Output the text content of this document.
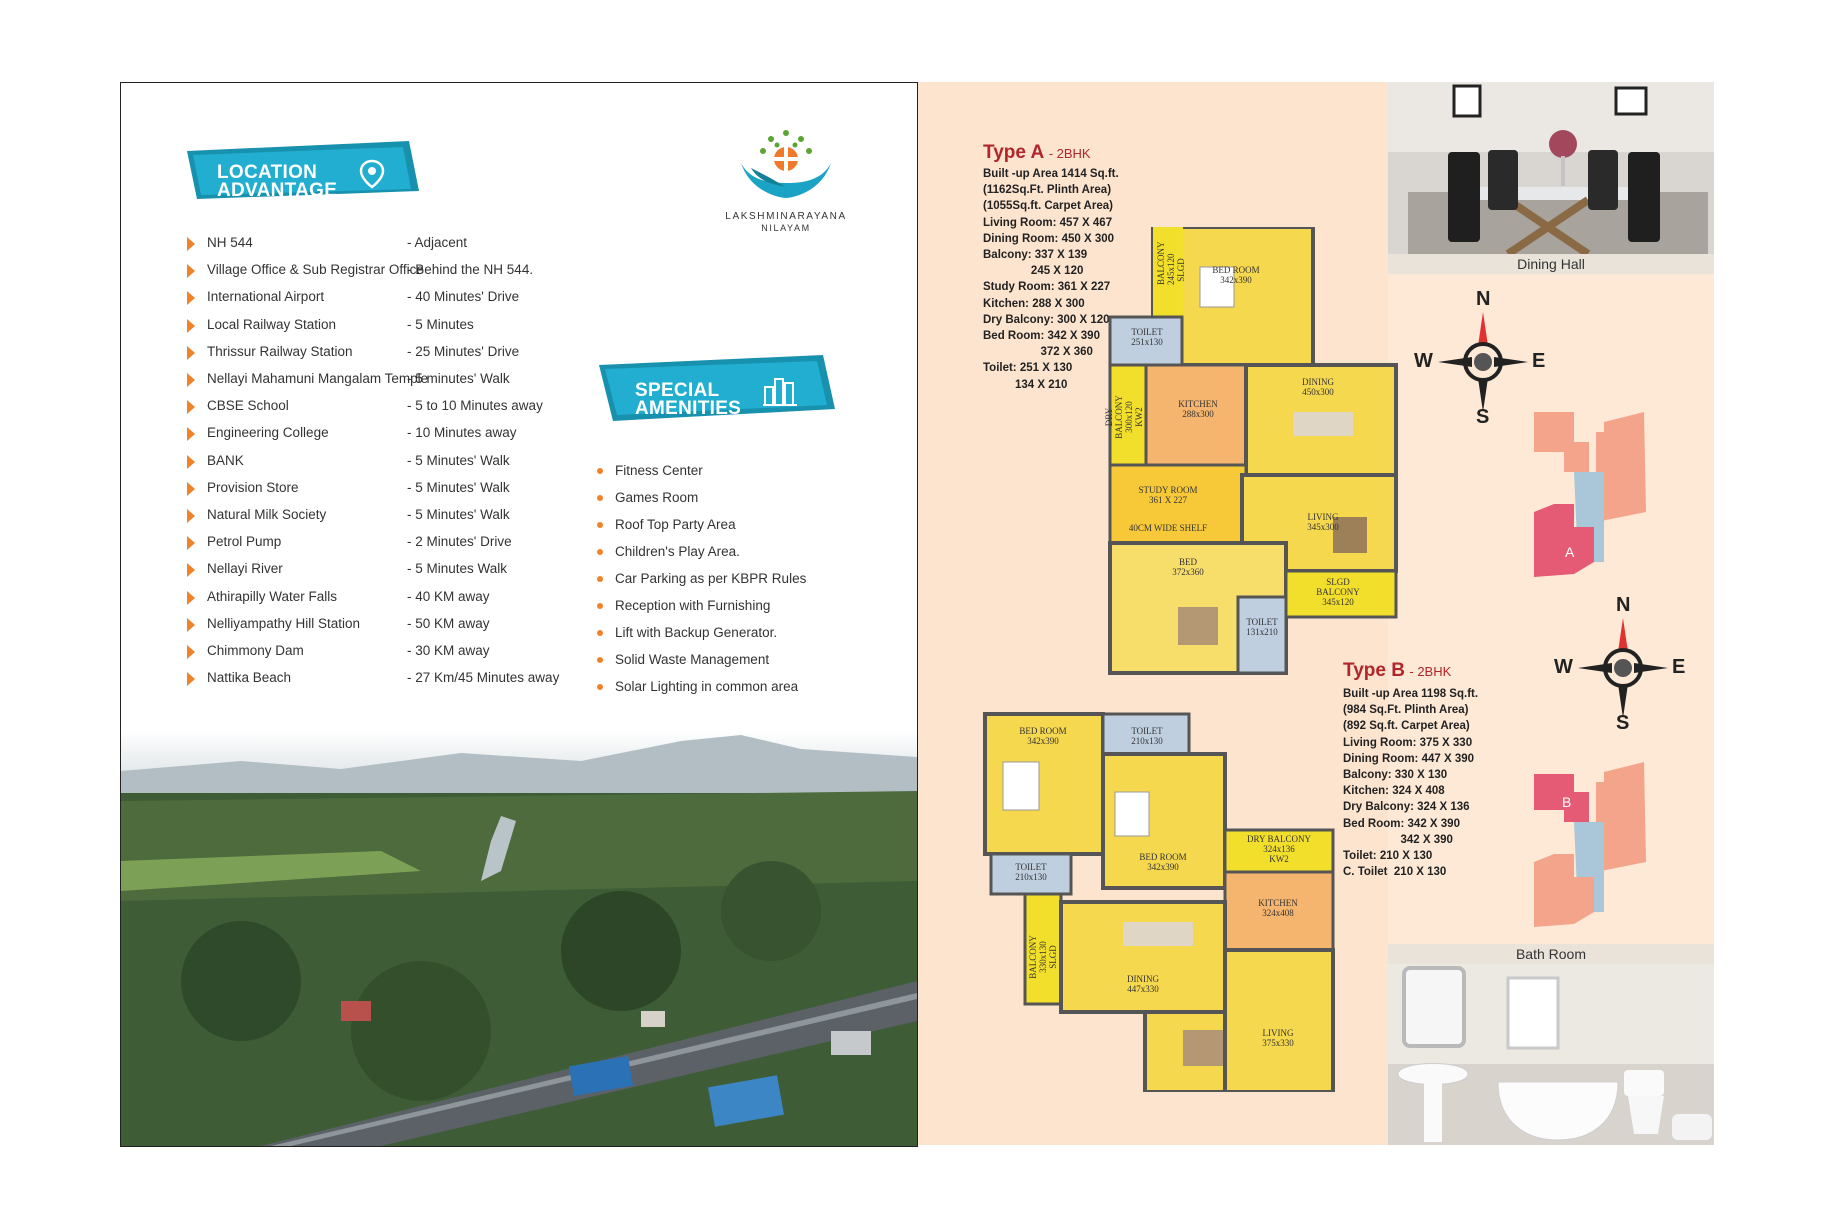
LOCATION
ADVANTAGE
LAKSHMINARAYANA
NILAYAM
NH 544	- Adjacent
Village Office & Sub Registrar Office
- Behind the NH 544.
International Airport	- 40 Minutes' Drive
Local Railway Station	- 5 Minutes
Thrissur Railway Station	- 25 Minutes' Drive
Nellayi Mahamuni Mangalam Temple
- 5 minutes' Walk
CBSE School	- 5 to 10 Minutes away
Engineering College	- 10 Minutes away
BANK	- 5 Minutes' Walk
Provision Store	- 5 Minutes' Walk
Natural Milk Society	- 5 Minutes' Walk
Petrol Pump	- 2 Minutes' Drive
Nellayi River	- 5 Minutes Walk
Athirapilly Water Falls	- 40 KM away
Nelliyampathy Hill Station	- 50 KM away
Chimmony Dam	- 30 KM away
Nattika Beach	- 27 Km/45 Minutes away
SPECIAL
AMENITIES
Fitness Center
Games Room
Roof Top Party Area
Children's Play Area.
Car Parking as per KBPR Rules
Reception with Furnishing
Lift with Backup Generator.
Solid Waste Management
Solar Lighting in common area
Type A - 2BHK
Built -up Area 1414 Sq.ft.
(1162Sq.Ft. Plinth Area)
(1055Sq.ft. Carpet Area)
Living Room: 457 X 467
Dining Room: 450 X 300
Balcony: 337 X 139
245 X 120
Study Room: 361 X 227
Kitchen: 288 X 300
Dry Balcony: 300 X 120
Bed Room: 342 X 390
372 X 360
Toilet: 251 X 130
134 X 210
BED ROOM
342x390
BALCONY
245x120
SLGD
TOILET
251x130
DRY BALCONY
300x120
KW2
KITCHEN
288x300
DINING
450x300
STUDY ROOM
361 X 227
40CM WIDE SHELF
LIVING
345x300
BED
372x360
TOILET
131x210
SLGD
BALCONY
345x120
BED ROOM
342x390
TOILET
210x130
BED ROOM
342x390
TOILET
210x130
DRY BALCONY
324x136
KW2
KITCHEN
324x408
BALCONY
330x130
SLGD
DINING
447x330
LIVING
375x330
Type B - 2BHK
Built -up Area 1198 Sq.ft.
(984 Sq.Ft. Plinth Area)
(892 Sq.ft. Carpet Area)
Living Room: 375 X 330
Dining Room: 447 X 390
Balcony: 330 X 130
Kitchen: 324 X 408
Dry Balcony: 324 X 136
Bed Room: 342 X 390
342 X 390
Toilet: 210 X 130
C. Toilet  210 X 130
N
S
W	E
A
N
S
W	E
B
Dining Hall
Bath Room
